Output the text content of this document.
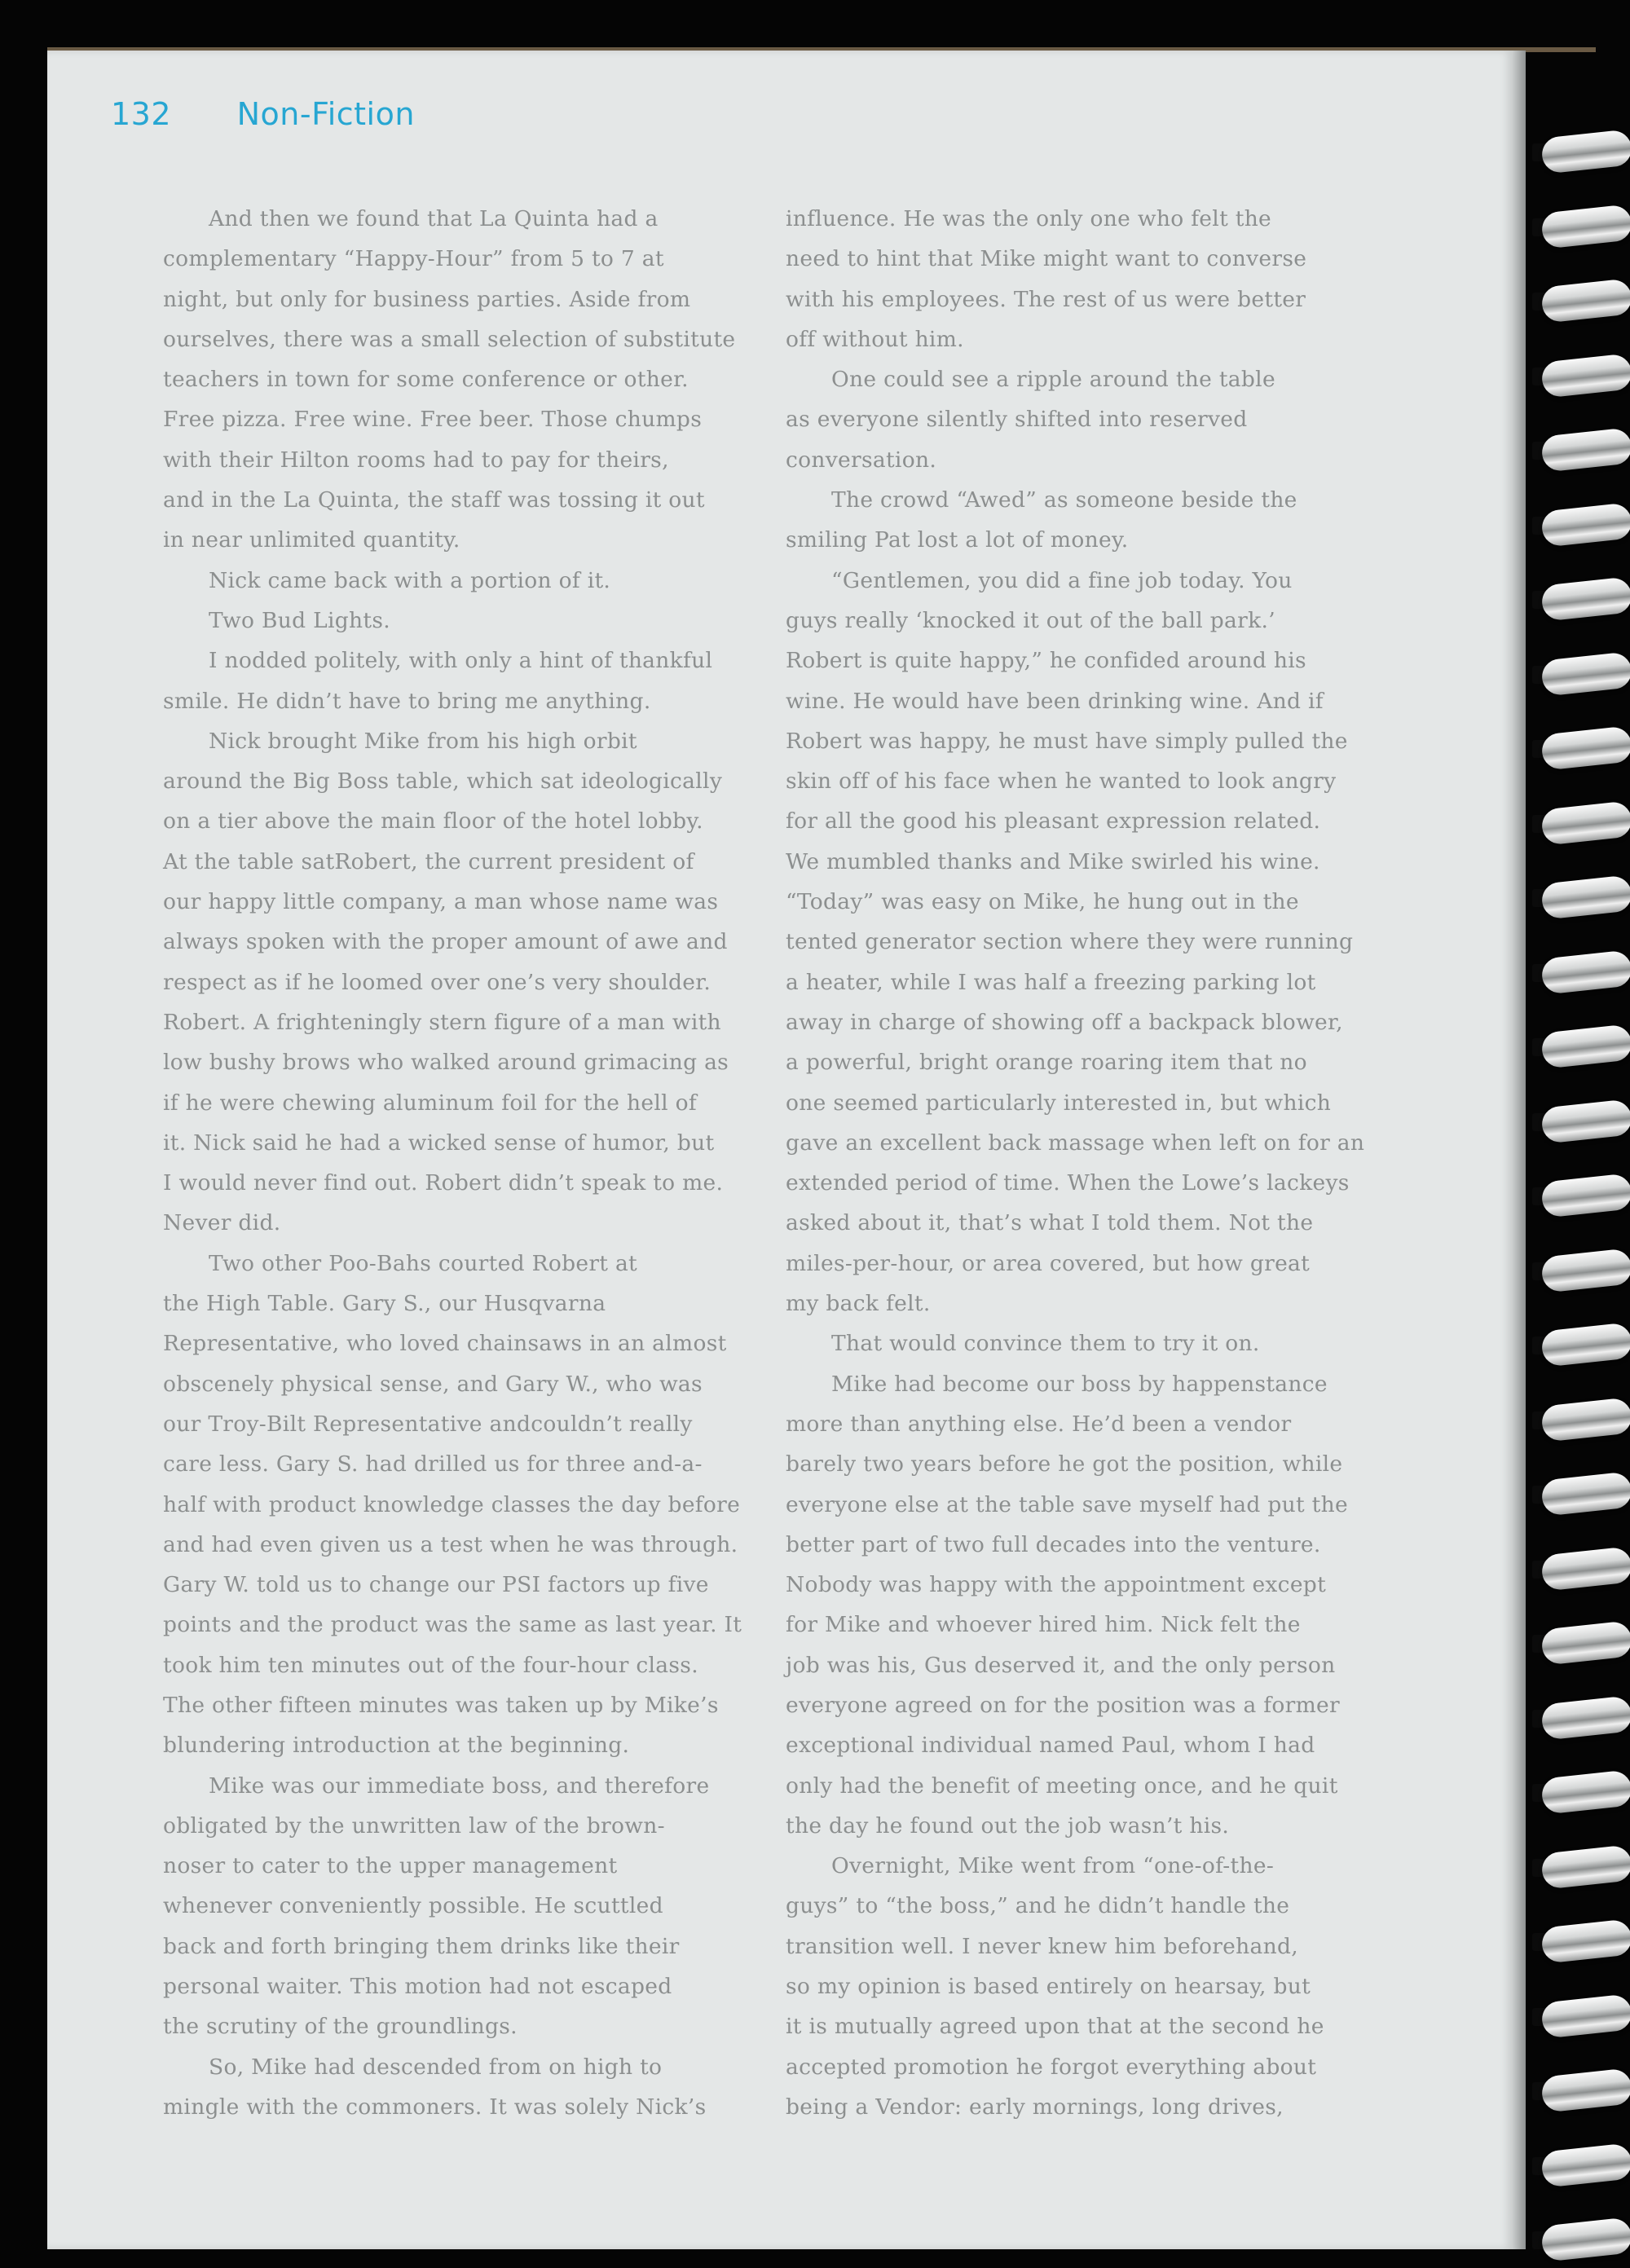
132 Non-Fiction
And then we found that La Quinta had a
complementary “Happy-Hour” from 5 to 7 at
night, but only for business parties. Aside from
ourselves, there was a small selection of substitute
teachers in town for some conference or other.
Free pizza. Free wine. Free beer. Those chumps
with their Hilton rooms had to pay for theirs,
and in the La Quinta, the staff was tossing it out
in near unlimited quantity.
Nick came back with a portion of it.
Two Bud Lights.
I nodded politely, with only a hint of thankful
smile. He didn’t have to bring me anything.
Nick brought Mike from his high orbit
around the Big Boss table, which sat ideologically
on a tier above the main floor of the hotel lobby.
At the table satRobert, the current president of
our happy little company, a man whose name was
always spoken with the proper amount of awe and
respect as if he loomed over one’s very shoulder.
Robert. A frighteningly stern figure of a man with
low bushy brows who walked around grimacing as
if he were chewing aluminum foil for the hell of
it. Nick said he had a wicked sense of humor, but
I would never find out. Robert didn’t speak to me.
Never did.
Two other Poo-Bahs courted Robert at
the High Table. Gary S., our Husqvarna
Representative, who loved chainsaws in an almost
obscenely physical sense, and Gary W., who was
our Troy-Bilt Representative andcouldn’t really
care less. Gary S. had drilled us for three and-a-
half with product knowledge classes the day before
and had even given us a test when he was through.
Gary W. told us to change our PSI factors up five
points and the product was the same as last year. It
took him ten minutes out of the four-hour class.
The other fifteen minutes was taken up by Mike’s
blundering introduction at the beginning.
Mike was our immediate boss, and therefore
obligated by the unwritten law of the brown-
noser to cater to the upper management
whenever conveniently possible. He scuttled
back and forth bringing them drinks like their
personal waiter. This motion had not escaped
the scrutiny of the groundlings.
So, Mike had descended from on high to
mingle with the commoners. It was solely Nick’s
influence. He was the only one who felt the
need to hint that Mike might want to converse
with his employees. The rest of us were better
off without him.
One could see a ripple around the table
as everyone silently shifted into reserved
conversation.
The crowd “Awed” as someone beside the
smiling Pat lost a lot of money.
“Gentlemen, you did a fine job today. You
guys really ‘knocked it out of the ball park.’
Robert is quite happy,” he confided around his
wine. He would have been drinking wine. And if
Robert was happy, he must have simply pulled the
skin off of his face when he wanted to look angry
for all the good his pleasant expression related.
We mumbled thanks and Mike swirled his wine.
“Today” was easy on Mike, he hung out in the
tented generator section where they were running
a heater, while I was half a freezing parking lot
away in charge of showing off a backpack blower,
a powerful, bright orange roaring item that no
one seemed particularly interested in, but which
gave an excellent back massage when left on for an
extended period of time. When the Lowe’s lackeys
asked about it, that’s what I told them. Not the
miles-per-hour, or area covered, but how great
my back felt.
That would convince them to try it on.
Mike had become our boss by happenstance
more than anything else. He’d been a vendor
barely two years before he got the position, while
everyone else at the table save myself had put the
better part of two full decades into the venture.
Nobody was happy with the appointment except
for Mike and whoever hired him. Nick felt the
job was his, Gus deserved it, and the only person
everyone agreed on for the position was a former
exceptional individual named Paul, whom I had
only had the benefit of meeting once, and he quit
the day he found out the job wasn’t his.
Overnight, Mike went from “one-of-the-
guys” to “the boss,” and he didn’t handle the
transition well. I never knew him beforehand,
so my opinion is based entirely on hearsay, but
it is mutually agreed upon that at the second he
accepted promotion he forgot everything about
being a Vendor: early mornings, long drives,
